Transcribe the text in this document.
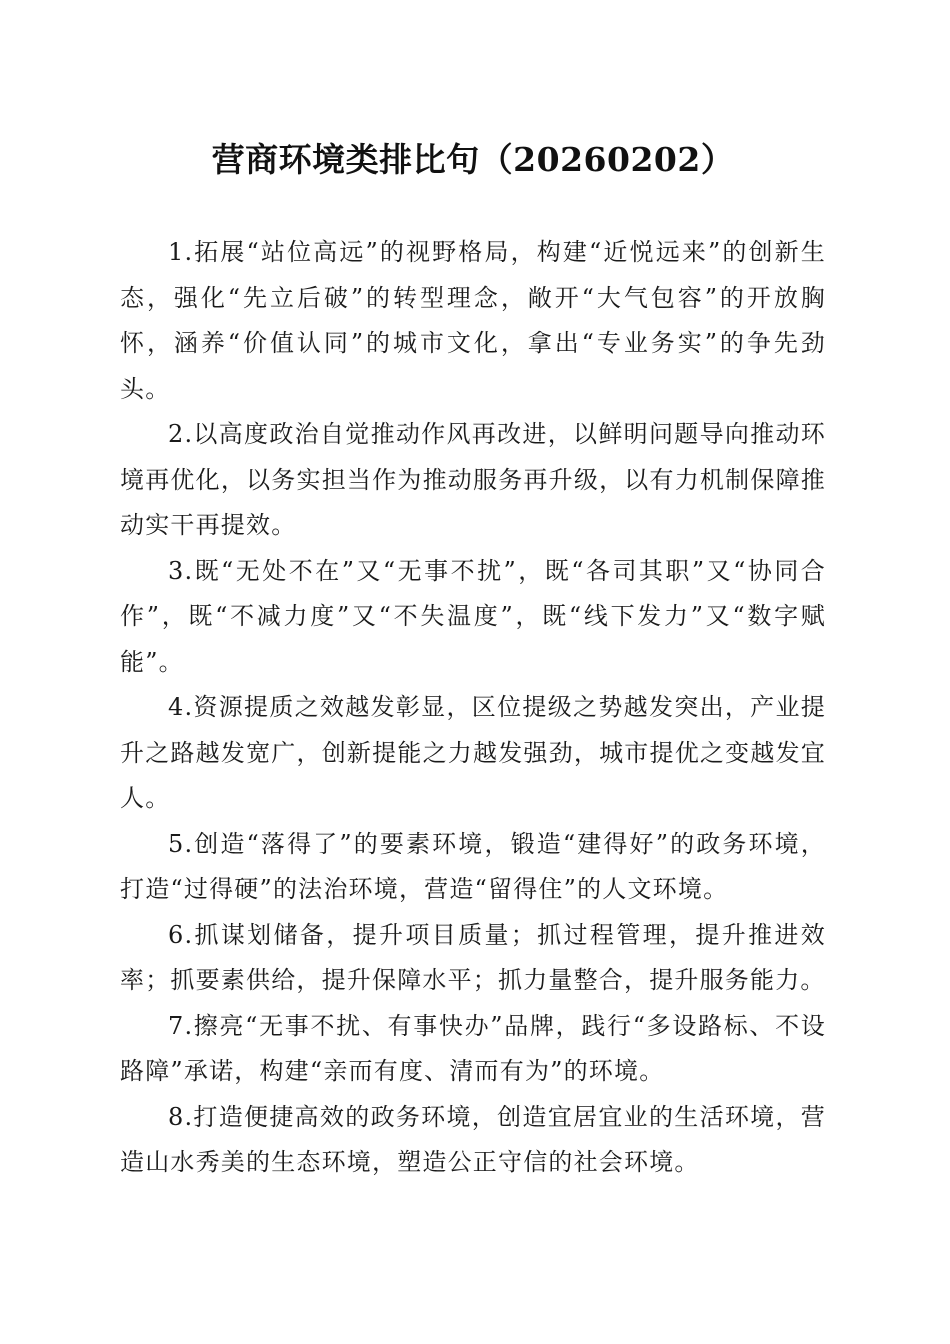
营商环境类排比句（20260202）

1.拓展“站位高远”的视野格局，构建“近悦远来”的创新生态，强化“先立后破”的转型理念，敞开“大气包容”的开放胸怀，涵养“价值认同”的城市文化，拿出“专业务实”的争先劲头。

2.以高度政治自觉推动作风再改进，以鲜明问题导向推动环境再优化，以务实担当作为推动服务再升级，以有力机制保障推动实干再提效。

3.既“无处不在”又“无事不扰”，既“各司其职”又“协同合作”，既“不减力度”又“不失温度”，既“线下发力”又“数字赋能”。

4.资源提质之效越发彰显，区位提级之势越发突出，产业提升之路越发宽广，创新提能之力越发强劲，城市提优之变越发宜人。

5.创造“落得了”的要素环境，锻造“建得好”的政务环境，打造“过得硬”的法治环境，营造“留得住”的人文环境。

6.抓谋划储备，提升项目质量；抓过程管理，提升推进效率；抓要素供给，提升保障水平；抓力量整合，提升服务能力。

7.擦亮“无事不扰、有事快办”品牌，践行“多设路标、不设路障”承诺，构建“亲而有度、清而有为”的环境。

8.打造便捷高效的政务环境，创造宜居宜业的生活环境，营造山水秀美的生态环境，塑造公正守信的社会环境。
